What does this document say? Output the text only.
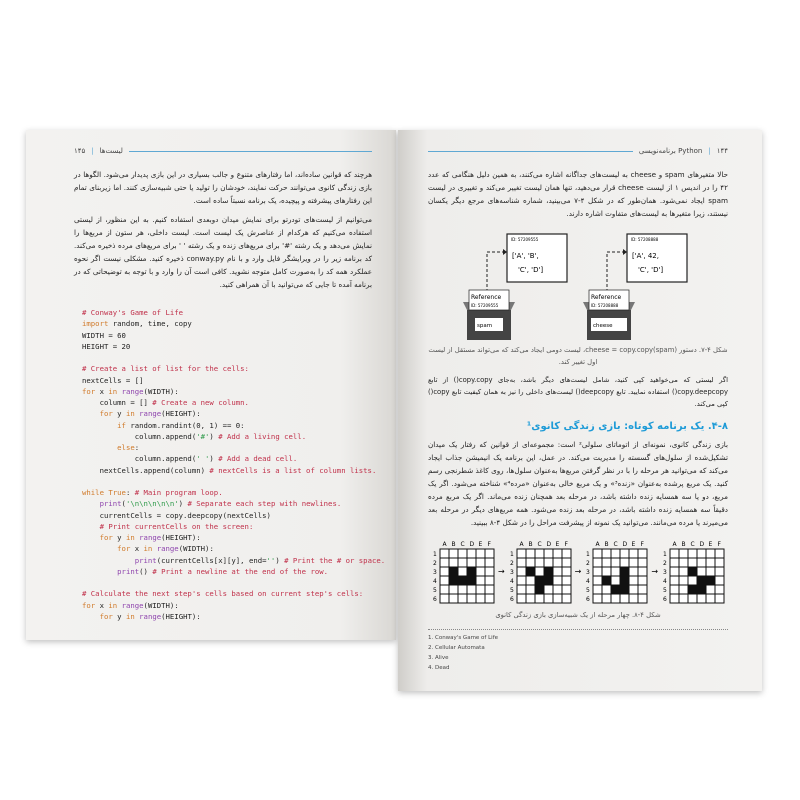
۱۴۵ | لیست‌ها
هرچند که قوانین ساده‌اند، اما رفتارهای متنوع و جالب بسیاری در این بازی پدیدار می‌شود. الگوها در بازی زندگی کانوی می‌توانند حرکت نمایند، خودشان را تولید یا حتی شبیه‌سازی کنند. اما زیربنای تمام این رفتارهای پیشرفته و پیچیده، یک برنامه نسبتاً ساده است.
می‌توانیم از لیست‌های تودرتو برای نمایش میدان دوبعدی استفاده کنیم. به این منظور، از لیستی استفاده می‌کنیم که هرکدام از عناصرش یک لیست است. لیست داخلی، هر ستون از مربع‌ها را نمایش می‌دهد و یک رشته '#' برای مربع‌های زنده و یک رشته ' ' برای مربع‌های مرده ذخیره می‌کند. کد برنامه زیر را در ویرایشگر فایل وارد و با نام conway.py ذخیره کنید. مشکلی نیست اگر نحوه عملکرد همه کد را به‌صورت کامل متوجه نشوید. کافی است آن را وارد و با توجه به توضیحاتی که در برنامه آمده تا جایی که می‌توانید با آن همراهی کنید.
# Conway's Game of Life
import random, time, copy
WIDTH = 60
HEIGHT = 20

# Create a list of list for the cells:
nextCells = []
for x in range(WIDTH):
column = [] # Create a new column.
for y in range(HEIGHT):
if random.randint(0, 1) == 0:
column.append('#') # Add a living cell.
else:
column.append(' ') # Add a dead cell.
nextCells.append(column) # nextCells is a list of column lists.

while True: # Main program loop.
print('\n\n\n\n\n') # Separate each step with newlines.
currentCells = copy.deepcopy(nextCells)
# Print currentCells on the screen:
for y in range(HEIGHT):
for x in range(WIDTH):
print(currentCells[x][y], end='') # Print the # or space.
print() # Print a newline at the end of the row.

# Calculate the next step's cells based on current step's cells:
for x in range(WIDTH):
for y in range(HEIGHT):
برنامه‌نویسی Python | ۱۴۴
حالا متغیرهای spam و cheese به لیست‌های جداگانه اشاره می‌کنند، به همین دلیل هنگامی که عدد ۴۲ را در اندیس ۱ از لیست cheese قرار می‌دهید، تنها همان لیست تغییر می‌کند و تغییری در لیست spam ایجاد نمی‌شود. همان‌طور که در شکل ۴-۷ می‌بینید، شماره شناسه‌های مرجع دیگر یکسان نیستند، زیرا متغیرها به لیست‌های متفاوت اشاره دارند.
ID: 57209555
['A', 'B',
'C', 'D']
Reference
ID: 57209555
spam
ID: 57208888
['A', 42,
'C', 'D']
Reference
ID: 57208888
cheese
شکل ۴-۷. دستور cheese = copy.copy(spam)، لیست دومی ایجاد می‌کند که می‌تواند مستقل از لیست اول تغییر کند.
اگر لیستی که می‌خواهید کپی کنید، شامل لیست‌های دیگر باشد، به‌جای copy.copy() از تابع copy.deepcopy() استفاده نمایید. تابع deepcopy() لیست‌های داخلی را نیز به همان کیفیت تابع copy() کپی می‌کند.
۴-۸. یک برنامه کوتاه: بازی زندگی کانوی¹
بازی زندگی کانوی، نمونه‌ای از اتوماتای سلولی² است: مجموعه‌ای از قوانین که رفتار یک میدان تشکیل‌شده از سلول‌های گسسته را مدیریت می‌کند. در عمل، این برنامه یک انیمیشن جذاب ایجاد می‌کند که می‌توانید هر مرحله را با در نظر گرفتن مربع‌ها به‌عنوان سلول‌ها، روی کاغذ شطرنجی رسم کنید. یک مربع پرشده به‌عنوان «زنده³» و یک مربع خالی به‌عنوان «مرده⁴» شناخته می‌شود. اگر یک مربع، دو یا سه همسایه زنده داشته باشد، در مرحله بعد همچنان زنده می‌ماند. اگر یک مربع مرده دقیقاً سه همسایه زنده داشته باشد، در مرحله بعد زنده می‌شود. همه مربع‌های دیگر در مرحله بعد می‌میرند یا مرده می‌مانند. می‌توانید یک نمونه از پیشرفت مراحل را در شکل ۴-۸ ببینید.
A B C D E F
1
2
3
4
5
6
→
A B C D E F
1
2
3
4
5
6
→
A B C D E F
1
2
3
4
5
6
→
A B C D E F
1
2
3
4
5
6
شکل ۴-۸. چهار مرحله از یک شبیه‌سازی بازی زندگی کانوی
1. Conway's Game of Life
2. Cellular Automata
3. Alive
4. Dead
